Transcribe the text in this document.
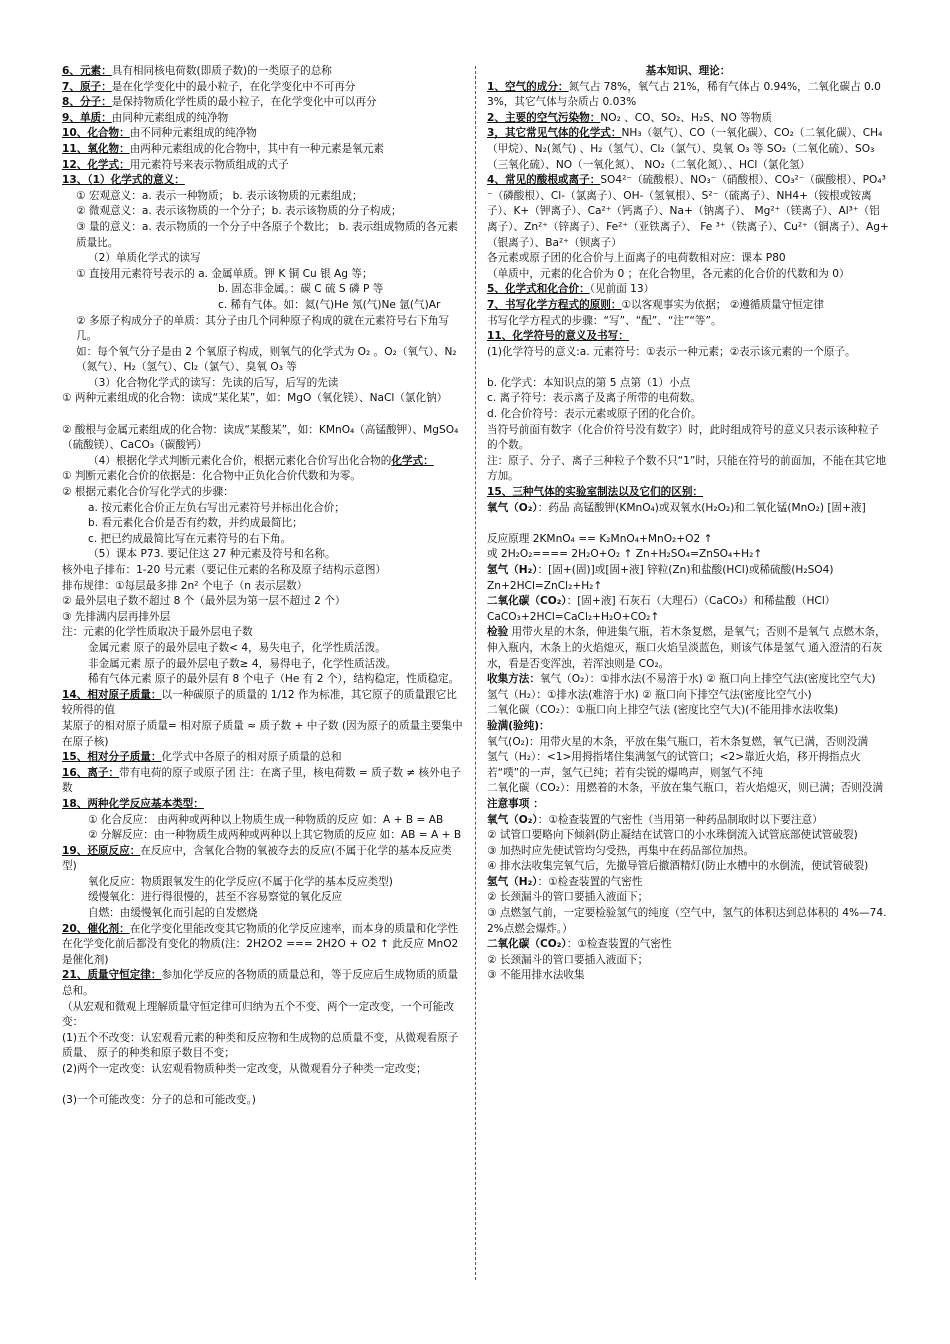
6、元素：具有相同核电荷数(即质子数)的一类原子的总称

7、原子：是在化学变化中的最小粒子，在化学变化中不可再分

8、分子：是保持物质化学性质的最小粒子，在化学变化中可以再分

9、单质：由同种元素组成的纯净物

10、化合物：由不同种元素组成的纯净物

11、氧化物：由两种元素组成的化合物中，其中有一种元素是氧元素

12、化学式：用元素符号来表示物质组成的式子

13、（1）化学式的意义：

① 宏观意义：a. 表示一种物质； b. 表示该物质的元素组成；

② 微观意义：a. 表示该物质的一个分子；b. 表示该物质的分子构成；

③ 量的意义：a. 表示物质的一个分子中各原子个数比； b. 表示组成物质的各元素质量比。

（2）单质化学式的读写

① 直接用元素符号表示的 a. 金属单质。钾 K 铜 Cu 银 Ag 等；

b. 固态非金属。：碳 C 硫 S 磷 P 等

c. 稀有气体。如：氦(气)He 氖(气)Ne 氩(气)Ar

② 多原子构成分子的单质：其分子由几个同种原子构成的就在元素符号右下角写几。

如：每个氧气分子是由 2 个氧原子构成，则氧气的化学式为 O₂ 。O₂（氧气）、N₂（氮气）、H₂（氢气）、Cl₂（氯气）、臭氧 O₃ 等

（3）化合物化学式的读写：先读的后写，后写的先读

① 两种元素组成的化合物：读成“某化某”，如：MgO（氧化镁）、NaCl（氯化钠）

② 酸根与金属元素组成的化合物：读成“某酸某”，如：KMnO₄（高锰酸钾）、MgSO₄（硫酸镁）、CaCO₃（碳酸钙）

（4）根据化学式判断元素化合价，根据元素化合价写出化合物的化学式：

① 判断元素化合价的依据是：化合物中正负化合价代数和为零。

② 根据元素化合价写化学式的步骤：

a. 按元素化合价正左负右写出元素符号并标出化合价；

b. 看元素化合价是否有约数，并约成最简比；

c. 把已约成最简比写在元素符号的右下角。

（5）课本 P73. 要记住这 27 种元素及符号和名称。

核外电子排布：1-20 号元素（要记住元素的名称及原子结构示意图）

排布规律：①每层最多排 2n² 个电子（n 表示层数）

② 最外层电子数不超过 8 个（最外层为第一层不超过 2 个）

③ 先排满内层再排外层

注：元素的化学性质取决于最外层电子数

金属元素 原子的最外层电子数< 4，易失电子，化学性质活泼。

非金属元素 原子的最外层电子数≥ 4，易得电子，化学性质活泼。

稀有气体元素 原子的最外层有 8 个电子（He 有 2 个），结构稳定，性质稳定。

14、相对原子质量：以一种碳原子的质量的 1/12 作为标准，其它原子的质量跟它比较所得的值

某原子的相对原子质量= 相对原子质量 ≈ 质子数 + 中子数 (因为原子的质量主要集中在原子核)

15、相对分子质量：化学式中各原子的相对原子质量的总和

16、离子：带有电荷的原子或原子团 注：在离子里，核电荷数 = 质子数 ≠ 核外电子数

18、两种化学反应基本类型：

① 化合反应： 由两种或两种以上物质生成一种物质的反应 如：A + B = AB

② 分解反应：由一种物质生成两种或两种以上其它物质的反应 如：AB = A + B

19、还原反应：在反应中，含氧化合物的氧被夺去的反应(不属于化学的基本反应类型)

氧化反应：物质跟氧发生的化学反应(不属于化学的基本反应类型)

缓慢氧化：进行得很慢的，甚至不容易察觉的氧化反应

自燃：由缓慢氧化而引起的自发燃烧

20、催化剂：在化学变化里能改变其它物质的化学反应速率，而本身的质量和化学性在化学变化前后都没有变化的物质(注：2H2O2 === 2H2O + O2 ↑ 此反应 MnO2 是催化剂)

21、质量守恒定律：参加化学反应的各物质的质量总和，等于反应后生成物质的质量总和。

（从宏观和微观上理解质量守恒定律可归纳为五个不变、两个一定改变，一个可能改变：

(1)五个不改变：认宏观看元素的种类和反应物和生成物的总质量不变，从微观看原子质量、 原子的种类和原子数目不变；

(2)两个一定改变：认宏观看物质种类一定改变，从微观看分子种类一定改变；

(3)一个可能改变：分子的总和可能改变。)

基本知识、理论：

1、空气的成分：氮气占 78%，氧气占 21%，稀有气体占 0.94%，二氧化碳占 0.03%，其它气体与杂质占 0.03%

2、主要的空气污染物：NO₂ 、CO、SO₂、H₂S、NO 等物质

3，其它常见气体的化学式：NH₃（氨气）、CO（一氧化碳）、CO₂（二氧化碳）、CH₄（甲烷）、N₂(氮气) 、H₂（氢气）、Cl₂（氯气）、臭氧 O₃ 等 SO₂（二氧化硫）、SO₃（三氧化硫）、NO（一氧化氮）、 NO₂（二氧化氮）、、HCl（氯化氢）

4、常见的酸根或离子：SO4²⁻（硫酸根）、NO₃⁻（硝酸根）、CO₃²⁻（碳酸根）、PO₄³⁻（磷酸根）、Cl-（氯离子）、OH-（氢氧根）、S²⁻（硫离子）、NH4+（铵根或铵离子）、K+（钾离子）、Ca²⁺（钙离子）、Na+（钠离子）、 Mg²⁺（镁离子）、Al³⁺（铝离子）、Zn²⁺（锌离子）、Fe²⁺（亚铁离子）、 Fe ³⁺（铁离子）、Cu²⁺（铜离子）、Ag+（银离子）、Ba²⁺（钡离子）

各元素或原子团的化合价与上面离子的电荷数相对应：课本 P80

（单质中，元素的化合价为 0 ；在化合物里，各元素的化合价的代数和为 0）

5、化学式和化合价：（见前面 13）

7、书写化学方程式的原则：①以客观事实为依据； ②遵循质量守恒定律

书写化学方程式的步骤：“写”、“配”、“注”“等”。

11、化学符号的意义及书写：

(1)化学符号的意义:a. 元素符号：①表示一种元素；②表示该元素的一个原子。

b. 化学式：本知识点的第 5 点第（1）小点

c. 离子符号：表示离子及离子所带的电荷数。

d. 化合价符号：表示元素或原子团的化合价。

当符号前面有数字（化合价符号没有数字）时，此时组成符号的意义只表示该种粒子的个数。

注：原子、分子、离子三种粒子个数不只“1”时，只能在符号的前面加，不能在其它地方加。

15、三种气体的实验室制法以及它们的区别：

氧气（O₂）：药品 高锰酸钾(KMnO₄)或双氧水(H₂O₂)和二氧化锰(MnO₂) [固+液]

反应原理 2KMnO₄ == K₂MnO₄+MnO₂+O2 ↑

或 2H₂O₂==== 2H₂O+O₂ ↑ Zn+H₂SO₄=ZnSO₄+H₂↑

氢气（H₂）：[固+(固)]或[固+液] 锌粒(Zn)和盐酸(HCl)或稀硫酸(H₂SO4)

Zn+2HCl=ZnCl₂+H₂↑

二氧化碳（CO₂）：[固+液] 石灰石（大理石）（CaCO₃）和稀盐酸（HCl）

CaCO₃+2HCl=CaCl₂+H₂O+CO₂↑

检验 用带火星的木条，伸进集气瓶，若木条复燃，是氧气；否则不是氧气 点燃木条，伸入瓶内，木条上的火焰熄灭，瓶口火焰呈淡蓝色，则该气体是氢气 通入澄清的石灰水，看是否变浑浊，若浑浊则是 CO₂。

收集方法：氧气（O₂）：①排水法(不易溶于水) ② 瓶口向上排空气法(密度比空气大)

氢气（H₂）：①排水法(难溶于水) ② 瓶口向下排空气法(密度比空气小)

二氧化碳（CO₂）：①瓶口向上排空气法 (密度比空气大)(不能用排水法收集)

验满(验纯)：

氧气(O₂)：用带火星的木条，平放在集气瓶口，若木条复燃，氧气已满，否则没满

氢气（H₂）：<1>用拇指堵住集满氢气的试管口；<2>靠近火焰，移开拇指点火

若“噗”的一声，氢气已纯；若有尖锐的爆鸣声，则氢气不纯

二氧化碳（CO₂）：用燃着的木条，平放在集气瓶口，若火焰熄灭，则已满；否则没满

注意事项 ：

氧气（O₂）：①检查装置的气密性（当用第一种药品制取时以下要注意）

② 试管口要略向下倾斜(防止凝结在试管口的小水珠倒流入试管底部使试管破裂)

③ 加热时应先使试管均匀受热，再集中在药品部位加热。

④ 排水法收集完氧气后，先撤导管后撤酒精灯(防止水槽中的水倒流，使试管破裂)

氢气（H₂）：①检查装置的气密性

② 长颈漏斗的管口要插入液面下；

③ 点燃氢气前，一定要检验氢气的纯度（空气中，氢气的体积达到总体积的 4%—74.2%点燃会爆炸。）

二氧化碳（CO₂）：①检查装置的气密性

② 长颈漏斗的管口要插入液面下；

③ 不能用排水法收集
